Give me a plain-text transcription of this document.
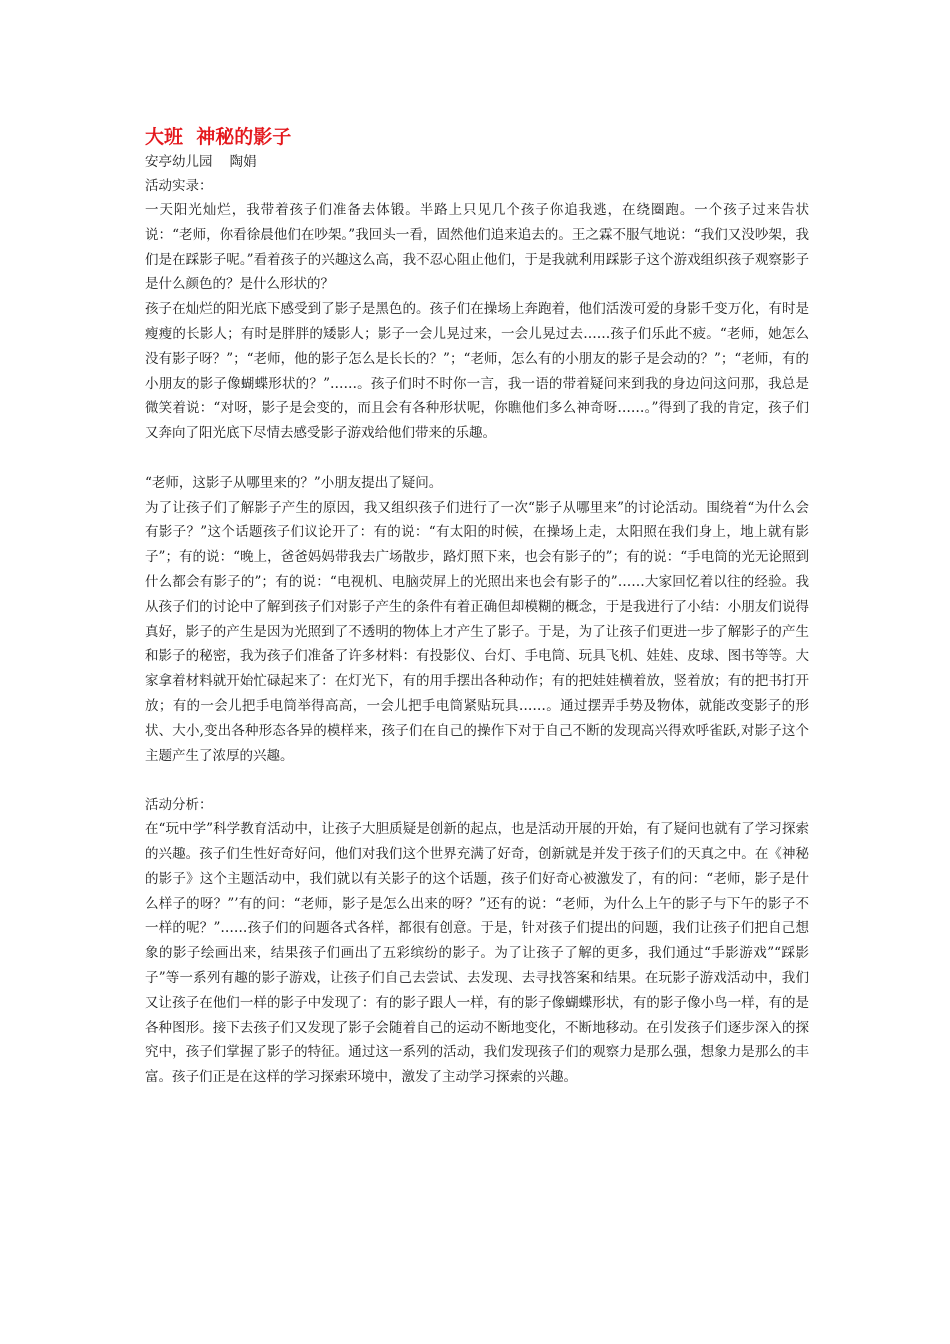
大班  神秘的影子

安亭幼儿园    陶娟

活动实录：

一天阳光灿烂，我带着孩子们准备去体锻。半路上只见几个孩子你追我逃，在绕圈跑。一个孩子过来告状说：“老师，你看徐晨他们在吵架。”我回头一看，固然他们追来追去的。王之霖不服气地说：“我们又没吵架，我们是在踩影子呢。”看着孩子的兴趣这么高，我不忍心阻止他们，于是我就利用踩影子这个游戏组织孩子观察影子是什么颜色的？是什么形状的？

孩子在灿烂的阳光底下感受到了影子是黑色的。孩子们在操场上奔跑着，他们活泼可爱的身影千变万化，有时是瘦瘦的长影人；有时是胖胖的矮影人；影子一会儿晃过来，一会儿晃过去……孩子们乐此不疲。“老师，她怎么没有影子呀？”；“老师，他的影子怎么是长长的？”；“老师，怎么有的小朋友的影子是会动的？”；“老师，有的小朋友的影子像蝴蝶形状的？”……。孩子们时不时你一言，我一语的带着疑问来到我的身边问这问那，我总是微笑着说：“对呀，影子是会变的，而且会有各种形状呢，你瞧他们多么神奇呀……。”得到了我的肯定，孩子们又奔向了阳光底下尽情去感受影子游戏给他们带来的乐趣。

“老师，这影子从哪里来的？”小朋友提出了疑问。

为了让孩子们了解影子产生的原因，我又组织孩子们进行了一次“影子从哪里来”的讨论活动。围绕着“为什么会有影子？”这个话题孩子们议论开了：有的说：“有太阳的时候，在操场上走，太阳照在我们身上，地上就有影子”；有的说：“晚上，爸爸妈妈带我去广场散步，路灯照下来，也会有影子的”；有的说：“手电筒的光无论照到什么都会有影子的”；有的说：“电视机、电脑荧屏上的光照出来也会有影子的”……大家回忆着以往的经验。我从孩子们的讨论中了解到孩子们对影子产生的条件有着正确但却模糊的概念，于是我进行了小结：小朋友们说得真好，影子的产生是因为光照到了不透明的物体上才产生了影子。于是，为了让孩子们更进一步了解影子的产生和影子的秘密，我为孩子们准备了许多材料：有投影仪、台灯、手电筒、玩具飞机、娃娃、皮球、图书等等。大家拿着材料就开始忙碌起来了：在灯光下，有的用手摆出各种动作；有的把娃娃横着放，竖着放；有的把书打开放；有的一会儿把手电筒举得高高，一会儿把手电筒紧贴玩具……。通过摆弄手势及物体，就能改变影子的形状、大小,变出各种形态各异的模样来，孩子们在自己的操作下对于自己不断的发现高兴得欢呼雀跃,对影子这个主题产生了浓厚的兴趣。

活动分析：

在“玩中学”科学教育活动中，让孩子大胆质疑是创新的起点，也是活动开展的开始，有了疑问也就有了学习探索的兴趣。孩子们生性好奇好问，他们对我们这个世界充满了好奇，创新就是并发于孩子们的天真之中。在《神秘的影子》这个主题活动中，我们就以有关影子的这个话题，孩子们好奇心被激发了，有的问：“老师，影子是什么样子的呀？”’有的问：“老师，影子是怎么出来的呀？”还有的说：“老师，为什么上午的影子与下午的影子不一样的呢？”……孩子们的问题各式各样，都很有创意。于是，针对孩子们提出的问题，我们让孩子们把自己想象的影子绘画出来，结果孩子们画出了五彩缤纷的影子。为了让孩子了解的更多，我们通过“手影游戏”“踩影子”等一系列有趣的影子游戏，让孩子们自己去尝试、去发现、去寻找答案和结果。在玩影子游戏活动中，我们又让孩子在他们一样的影子中发现了：有的影子跟人一样，有的影子像蝴蝶形状，有的影子像小鸟一样，有的是各种图形。接下去孩子们又发现了影子会随着自己的运动不断地变化，不断地移动。在引发孩子们逐步深入的探究中，孩子们掌握了影子的特征。通过这一系列的活动，我们发现孩子们的观察力是那么强，想象力是那么的丰富。孩子们正是在这样的学习探索环境中，激发了主动学习探索的兴趣。
